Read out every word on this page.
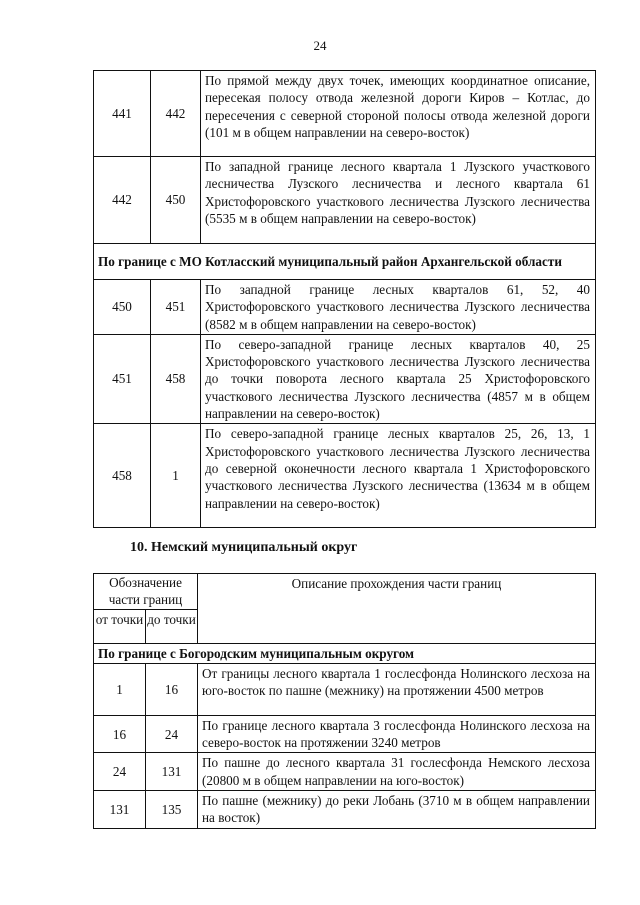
24
441	442	По прямой между двух точек, имеющих координатное описание, пересекая полосу отвода железной дороги Киров – Котлас, до пересечения с северной стороной полосы отвода железной дороги (101 м в общем направлении на северо-восток)
442	450	По западной границе лесного квартала 1 Лузского участкового лесничества Лузского лесничества и лесного квартала 61 Христофоровского участкового лесничества Лузского лесничества (5535 м в общем направлении на северо-восток)
По границе с МО Котласский муниципальный район Архангельской области		
450	451	По западной границе лесных кварталов 61, 52, 40 Христофоровского участкового лесничества Лузского лесничества (8582 м в общем направлении на северо-восток)
451	458	По северо-западной границе лесных кварталов 40, 25 Христофоровского участкового лесничества Лузского лесничества до точки поворота лесного квартала 25 Христофоровского участкового лесничества Лузского лесничества (4857 м в общем направлении на северо-восток)
458	1	По северо-западной границе лесных кварталов 25, 26, 13, 1 Христофоровского участкового лесничества Лузского лесничества до северной оконечности лесного квартала 1 Христофоровского участкового лесничества Лузского лесничества (13634 м в общем направлении на северо-восток)
10. Немский муниципальный округ
Обозначение части границ		Описание прохождения части границ
от точки	до точки	
По границе с Богородским муниципальным округом		
1	16	От границы лесного квартала 1 гослесфонда Нолинского лесхоза на юго-восток по пашне (межнику) на протяжении 4500 метров
16	24	По границе лесного квартала 3 гослесфонда Нолинского лесхоза на северо-восток на протяжении 3240 метров
24	131	По пашне до лесного квартала 31 гослесфонда Немского лесхоза (20800 м в общем направлении на юго-восток)
131	135	По пашне (межнику) до реки Лобань (3710 м в общем направлении на восток)
